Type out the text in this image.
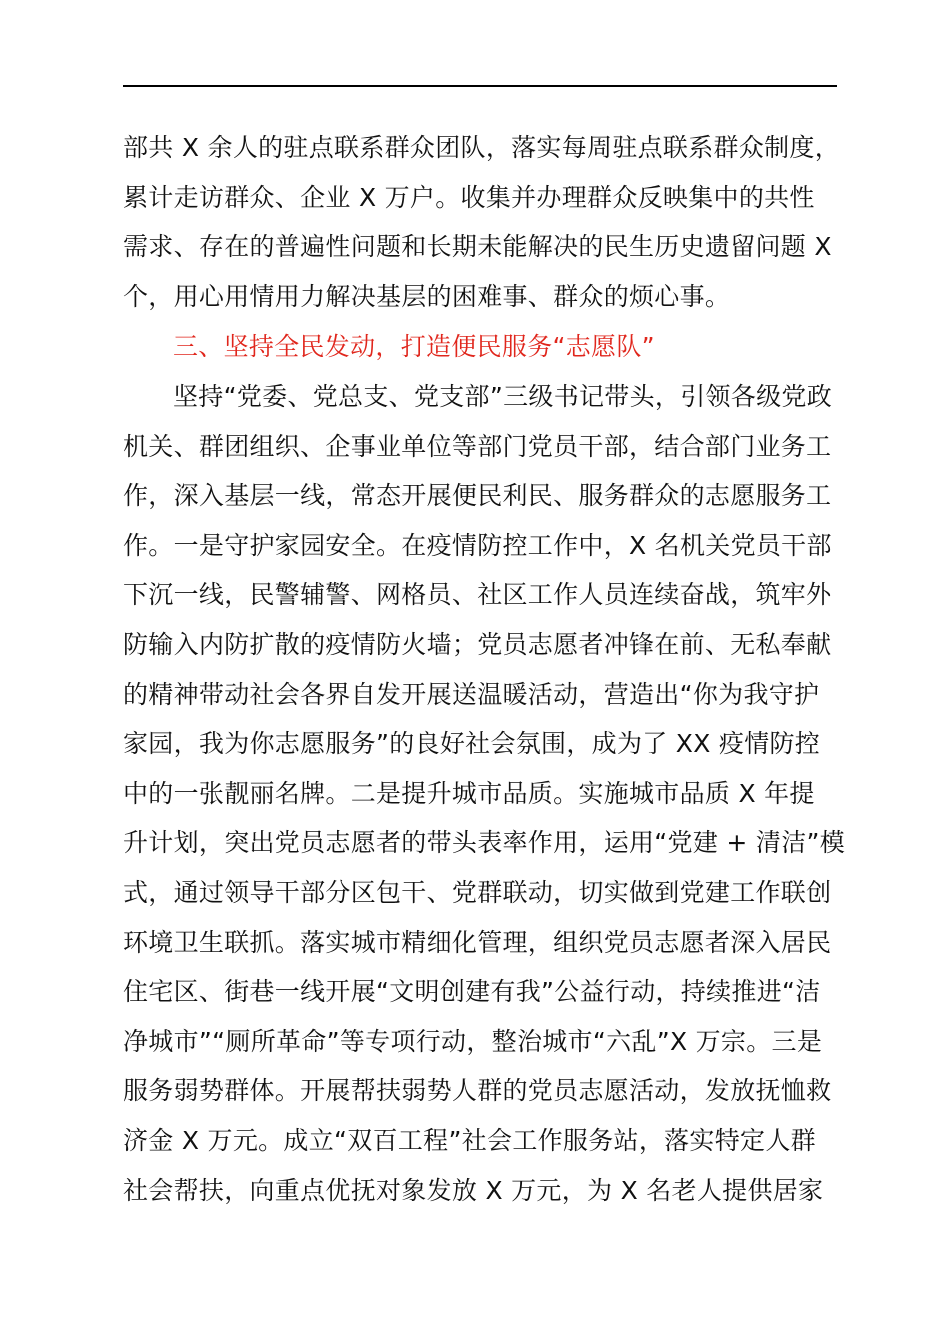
部共 X 余人的驻点联系群众团队，落实每周驻点联系群众制度，
累计走访群众、企业 X 万户。收集并办理群众反映集中的共性
需求、存在的普遍性问题和长期未能解决的民生历史遗留问题 X
个，用心用情用力解决基层的困难事、群众的烦心事。
三、坚持全民发动，打造便民服务“志愿队”
坚持“党委、党总支、党支部”三级书记带头，引领各级党政
机关、群团组织、企事业单位等部门党员干部，结合部门业务工
作，深入基层一线，常态开展便民利民、服务群众的志愿服务工
作。一是守护家园安全。在疫情防控工作中，X 名机关党员干部
下沉一线，民警辅警、网格员、社区工作人员连续奋战，筑牢外
防输入内防扩散的疫情防火墙；党员志愿者冲锋在前、无私奉献
的精神带动社会各界自发开展送温暖活动，营造出“你为我守护
家园，我为你志愿服务”的良好社会氛围，成为了 XX 疫情防控
中的一张靓丽名牌。二是提升城市品质。实施城市品质 X 年提
升计划，突出党员志愿者的带头表率作用，运用“党建 + 清洁”模
式，通过领导干部分区包干、党群联动，切实做到党建工作联创
环境卫生联抓。落实城市精细化管理，组织党员志愿者深入居民
住宅区、街巷一线开展“文明创建有我”公益行动，持续推进“洁
净城市”“厕所革命”等专项行动，整治城市“六乱”X 万宗。三是
服务弱势群体。开展帮扶弱势人群的党员志愿活动，发放抚恤救
济金 X 万元。成立“双百工程”社会工作服务站，落实特定人群
社会帮扶，向重点优抚对象发放 X 万元，为 X 名老人提供居家
